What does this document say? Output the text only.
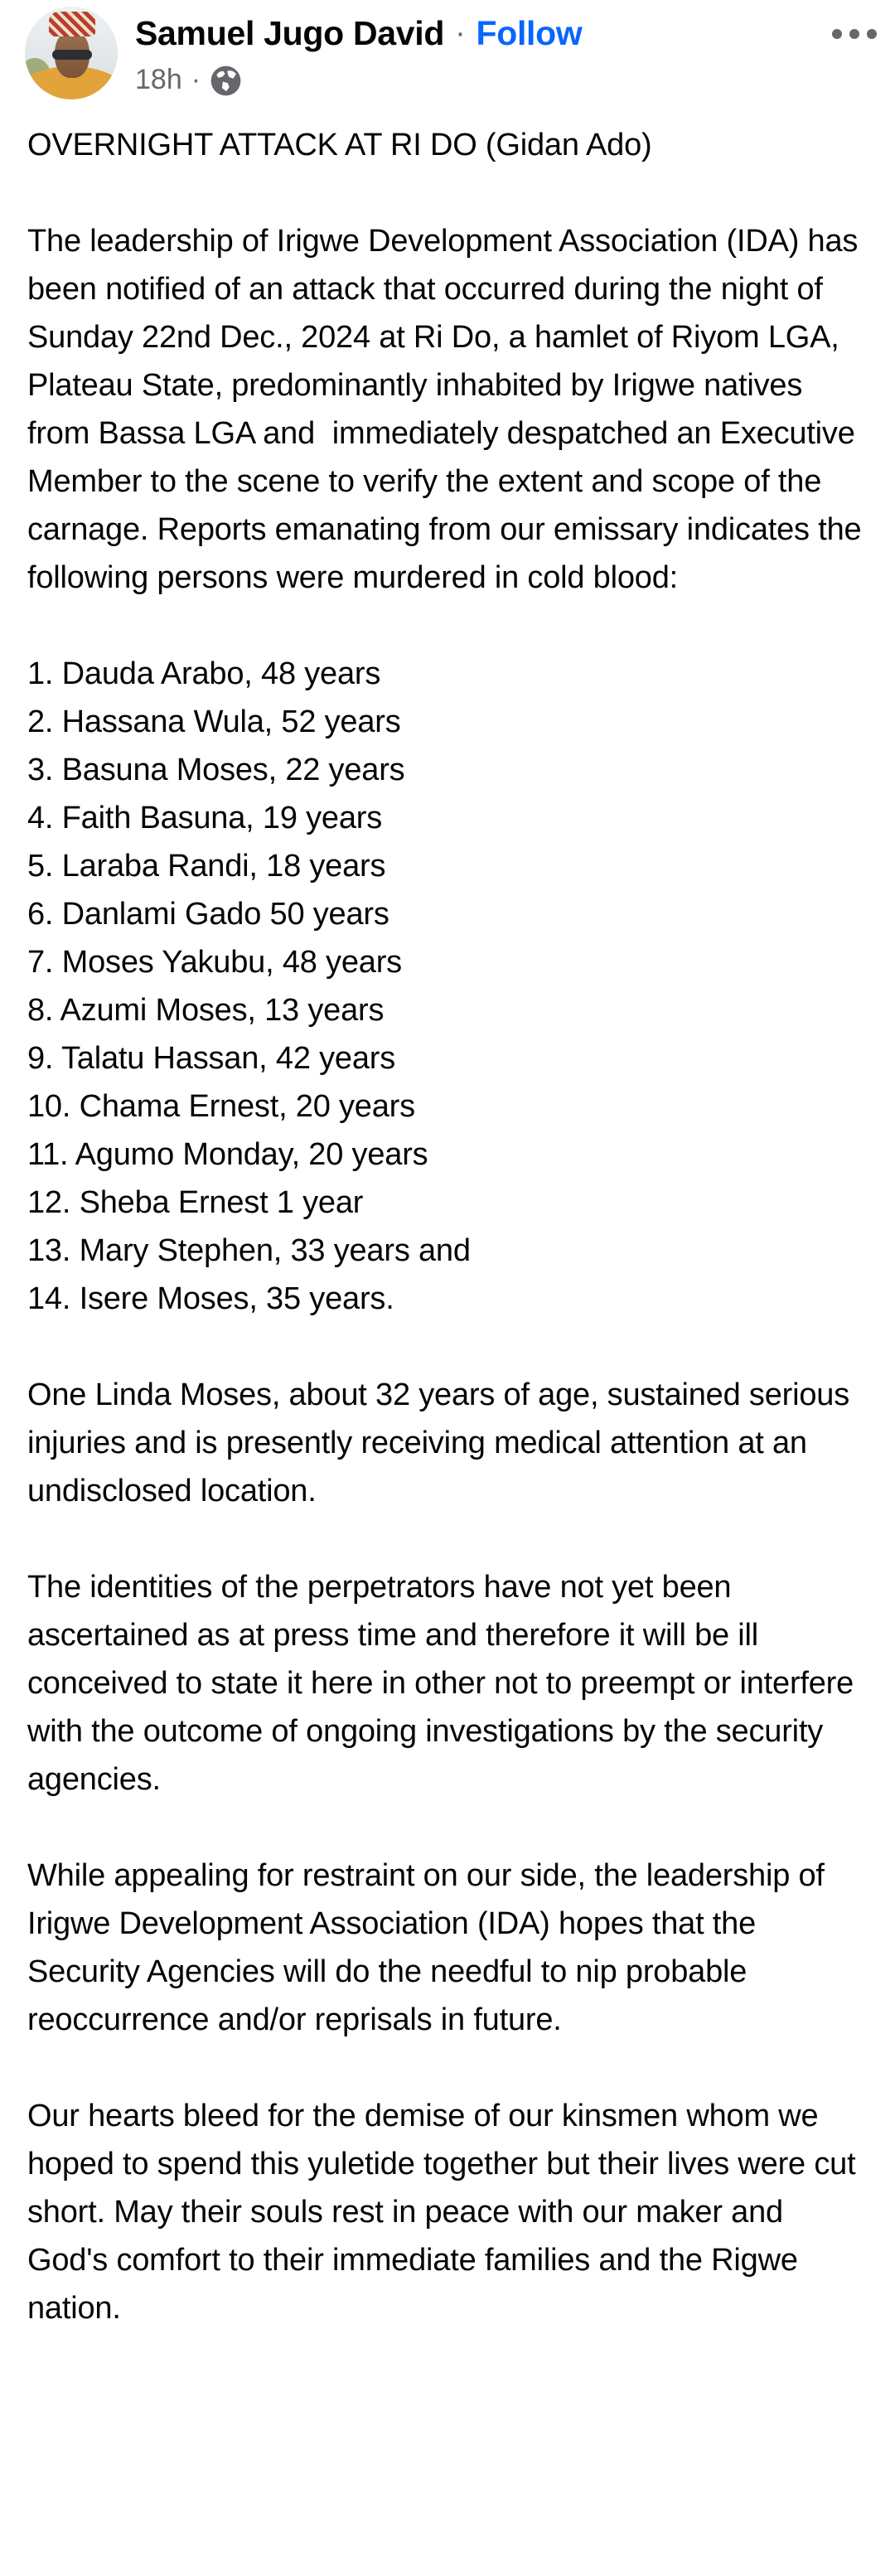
Samuel Jugo David · Follow
18h ·

OVERNIGHT ATTACK AT RI DO (Gidan Ado)

The leadership of Irigwe Development Association (IDA) has been notified of an attack that occurred during the night of Sunday 22nd Dec., 2024 at Ri Do, a hamlet of Riyom LGA, Plateau State, predominantly inhabited by Irigwe natives from Bassa LGA and  immediately despatched an Executive Member to the scene to verify the extent and scope of the carnage. Reports emanating from our emissary indicates the following persons were murdered in cold blood:

1. Dauda Arabo, 48 years
2. Hassana Wula, 52 years
3. Basuna Moses, 22 years
4. Faith Basuna, 19 years
5. Laraba Randi, 18 years
6. Danlami Gado 50 years
7. Moses Yakubu, 48 years
8. Azumi Moses, 13 years
9. Talatu Hassan, 42 years
10. Chama Ernest, 20 years
11. Agumo Monday, 20 years
12. Sheba Ernest 1 year
13. Mary Stephen, 33 years and
14. Isere Moses, 35 years.

One Linda Moses, about 32 years of age, sustained serious injuries and is presently receiving medical attention at an undisclosed location.

The identities of the perpetrators have not yet been ascertained as at press time and therefore it will be ill conceived to state it here in other not to preempt or interfere with the outcome of ongoing investigations by the security agencies.

While appealing for restraint on our side, the leadership of Irigwe Development Association (IDA) hopes that the Security Agencies will do the needful to nip probable reoccurrence and/or reprisals in future.

Our hearts bleed for the demise of our kinsmen whom we hoped to spend this yuletide together but their lives were cut short. May their souls rest in peace with our maker and God's comfort to their immediate families and the Rigwe nation.
